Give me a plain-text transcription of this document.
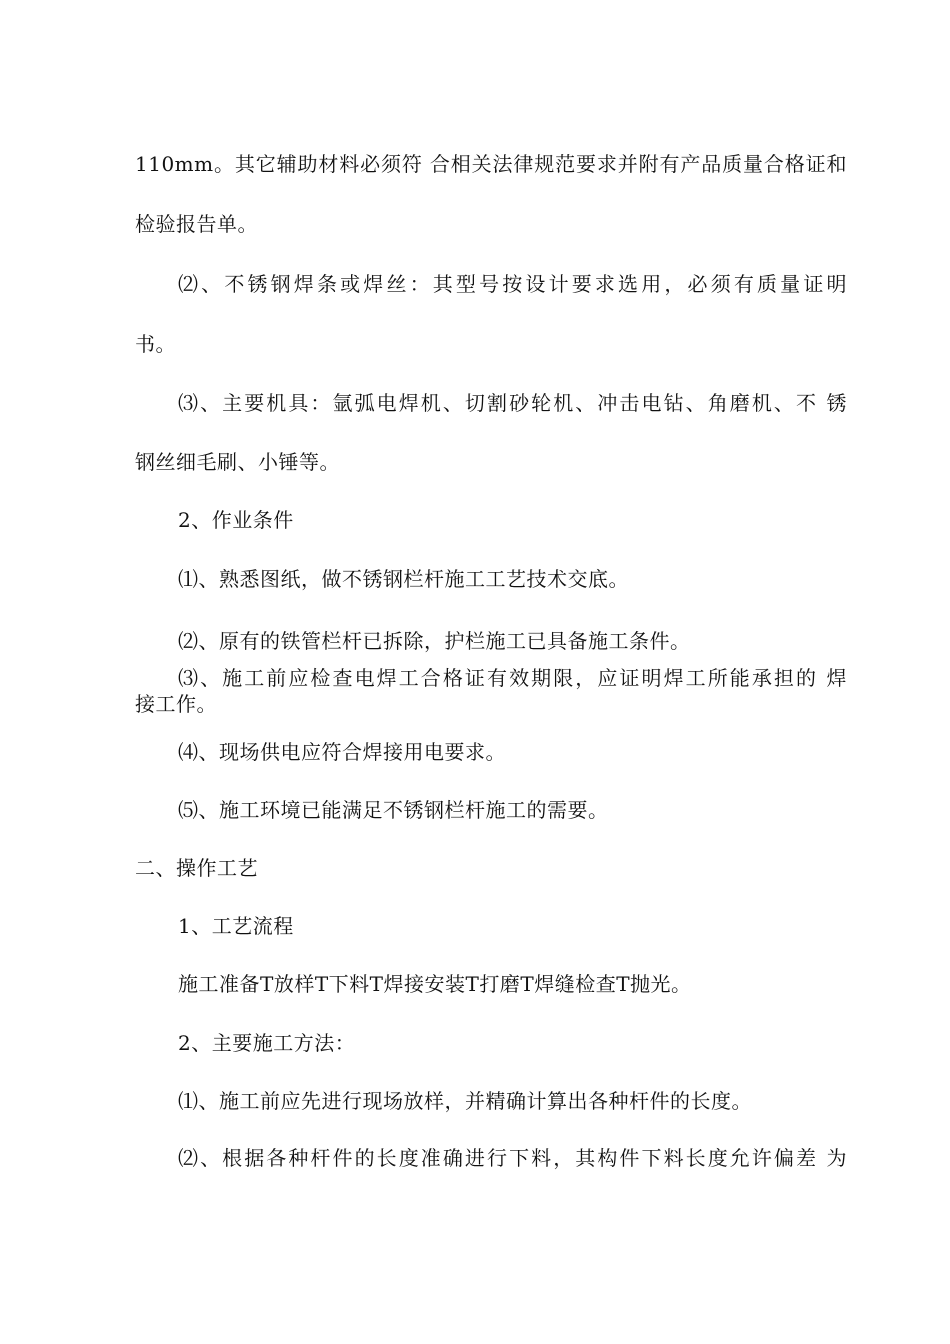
110mm。其它辅助材料必须符 合相关法律规范要求并附有产品质量合格证和
检验报告单。
⑵、不锈钢焊条或焊丝：其型号按设计要求选用，必须有质量证明
书。
⑶、主要机具：氩弧电焊机、切割砂轮机、冲击电钻、角磨机、不 锈
钢丝细毛刷、小锤等。
2、作业条件
⑴、熟悉图纸，做不锈钢栏杆施工工艺技术交底。
⑵、原有的铁管栏杆已拆除，护栏施工已具备施工条件。
⑶、施工前应检查电焊工合格证有效期限，应证明焊工所能承担的 焊
接工作。
⑷、现场供电应符合焊接用电要求。
⑸、施工环境已能满足不锈钢栏杆施工的需要。
二、操作工艺
1、工艺流程
施工准备T放样T下料T焊接安装T打磨T焊缝检查T抛光。
2、主要施工方法：
⑴、施工前应先进行现场放样，并精确计算出各种杆件的长度。
⑵、根据各种杆件的长度准确进行下料，其构件下料长度允许偏差 为
